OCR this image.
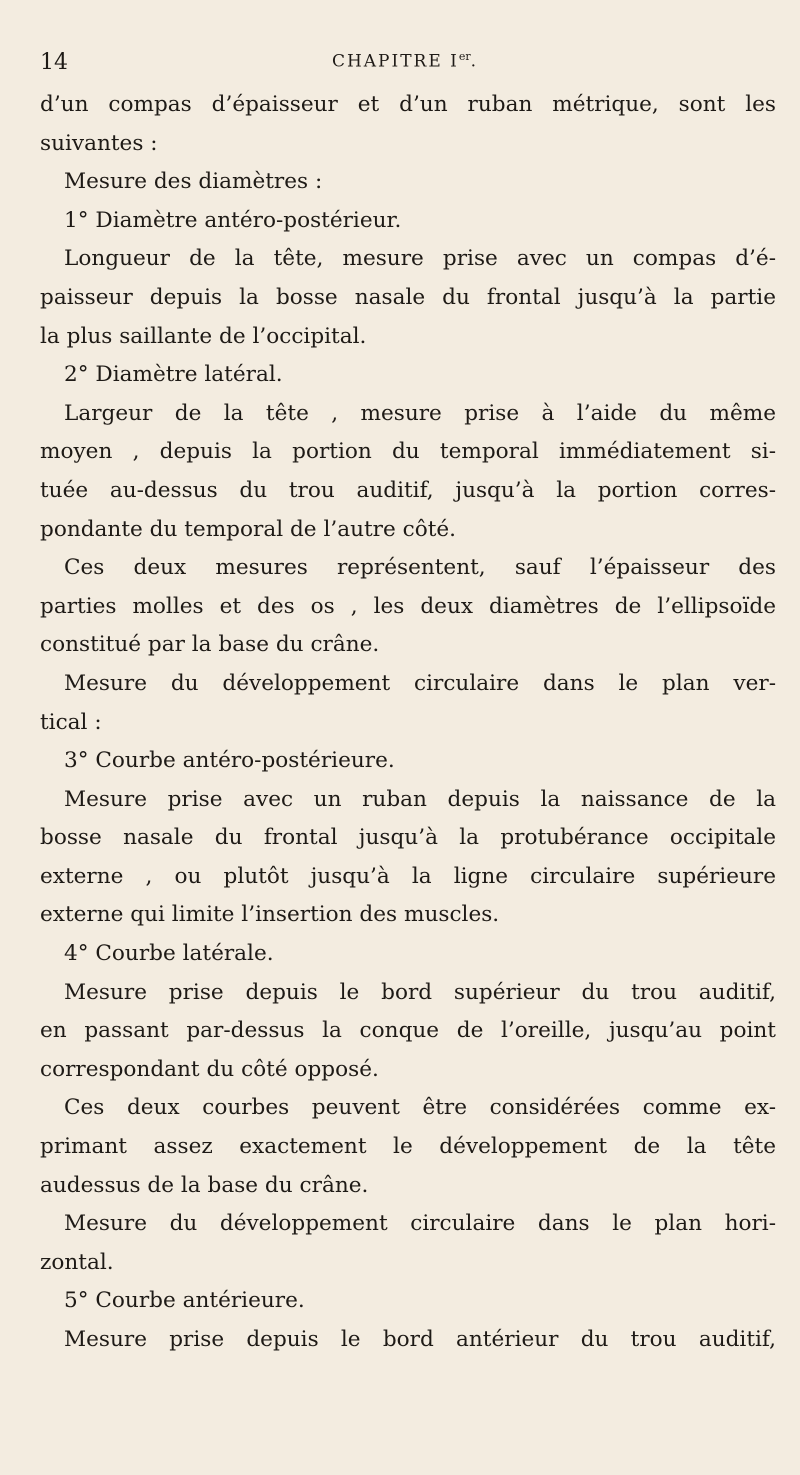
14	CHAPITRE Ier.
d’un compas d’épaisseur et d’un ruban métrique, sont les
suivantes :
Mesure des diamètres :
1° Diamètre antéro-postérieur.
Longueur de la tête, mesure prise avec un compas d’é-
paisseur depuis la bosse nasale du frontal jusqu’à la partie
la plus saillante de l’occipital.
2° Diamètre latéral.
Largeur de la tête , mesure prise à l’aide du même
moyen , depuis la portion du temporal immédiatement si-
tuée au-dessus du trou auditif, jusqu’à la portion corres-
pondante du temporal de l’autre côté.
Ces deux mesures représentent, sauf l’épaisseur des
parties molles et des os , les deux diamètres de l’ellipsoïde
constitué par la base du crâne.
Mesure du développement circulaire dans le plan ver-
tical :
3° Courbe antéro-postérieure.
Mesure prise avec un ruban depuis la naissance de la
bosse nasale du frontal jusqu’à la protubérance occipitale
externe , ou plutôt jusqu’à la ligne circulaire supérieure
externe qui limite l’insertion des muscles.
4° Courbe latérale.
Mesure prise depuis le bord supérieur du trou auditif,
en passant par-dessus la conque de l’oreille, jusqu’au point
correspondant du côté opposé.
Ces deux courbes peuvent être considérées comme ex-
primant assez exactement le développement de la tête
audessus de la base du crâne.
Mesure du développement circulaire dans le plan hori-
zontal.
5° Courbe antérieure.
Mesure prise depuis le bord antérieur du trou auditif,
